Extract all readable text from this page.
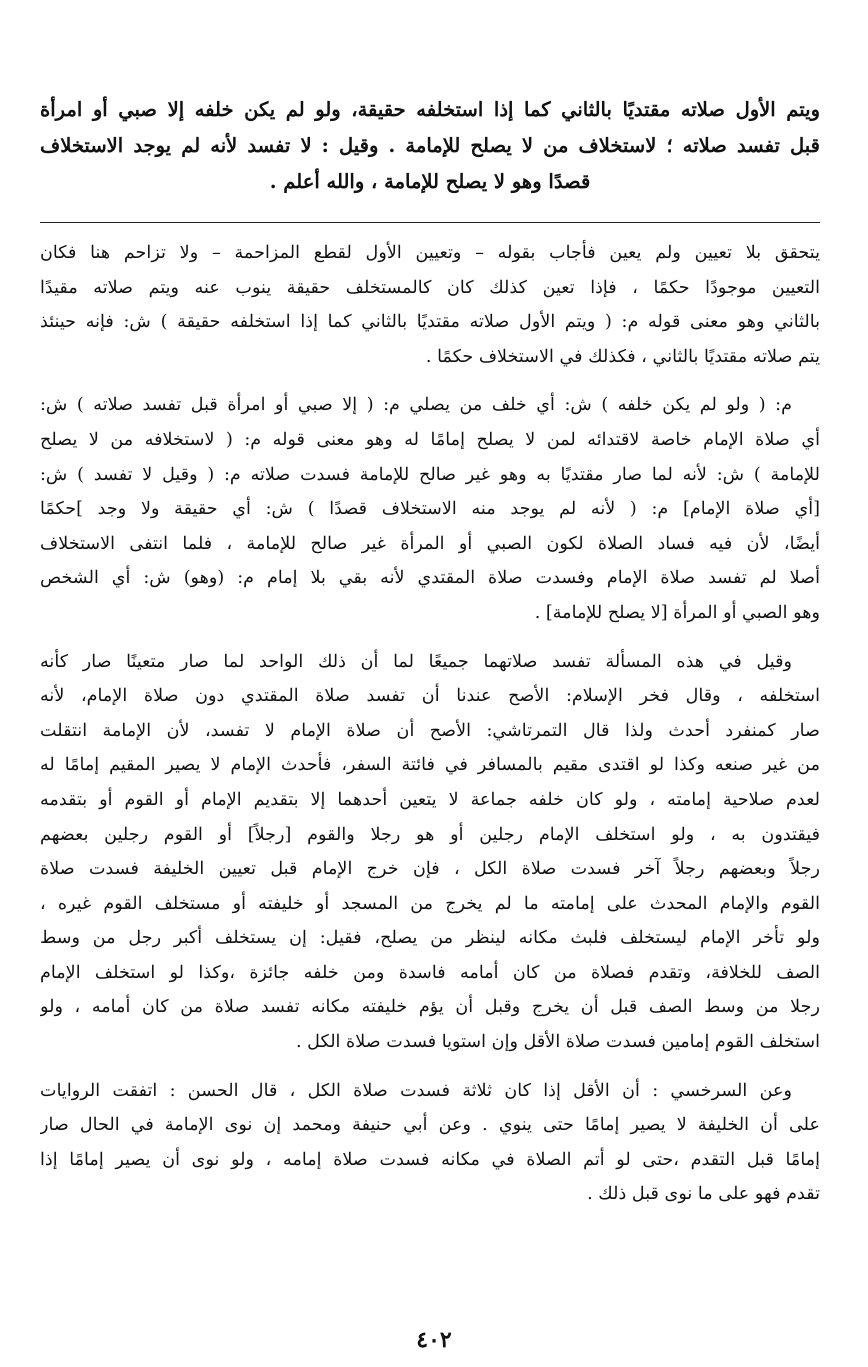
ويتم الأول صلاته مقتديًا بالثاني كما إذا استخلفه حقيقة، ولو لم يكن خلفه إلا صبي أو امرأة
قبل تفسد صلاته ؛ لاستخلاف من لا يصلح للإمامة . وقيل : لا تفسد لأنه لم يوجد الاستخلاف
قصدًا وهو لا يصلح للإمامة ، والله أعلم .
يتحقق بلا تعيين ولم يعين فأجاب بقوله – وتعيين الأول لقطع المزاحمة – ولا تزاحم هنا فكان
التعيين موجودًا حكمًا ، فإذا تعين كذلك كان كالمستخلف حقيقة ينوب عنه ويتم صلاته مقيدًا
بالثاني وهو معنى قوله م: ( ويتم الأول صلاته مقتديًا بالثاني كما إذا استخلفه حقيقة ) ش: فإنه حينئذ
يتم صلاته مقتديًا بالثاني ، فكذلك في الاستخلاف حكمًا .
م: ( ولو لم يكن خلفه ) ش: أي خلف من يصلي م: ( إلا صبي أو امرأة قبل تفسد صلاته ) ش:
أي صلاة الإمام خاصة لاقتدائه لمن لا يصلح إمامًا له وهو معنى قوله م: ( لاستخلافه من لا يصلح
للإمامة ) ش: لأنه لما صار مقتديًا به وهو غير صالح للإمامة فسدت صلاته م: ( وقيل لا تفسد ) ش:
[أي صلاة الإمام] م: ( لأنه لم يوجد منه الاستخلاف قصدًا ) ش: أي حقيقة ولا وجد ]حكمًا
أيضًا، لأن فيه فساد الصلاة لكون الصبي أو المرأة غير صالح للإمامة ، فلما انتفى الاستخلاف
أصلا لم تفسد صلاة الإمام وفسدت صلاة المقتدي لأنه بقي بلا إمام م: (وهو) ش: أي الشخص
وهو الصبي أو المرأة [لا يصلح للإمامة] .
وقيل في هذه المسألة تفسد صلاتهما جميعًا لما أن ذلك الواحد لما صار متعينًا صار كأنه
استخلفه ، وقال فخر الإسلام: الأصح عندنا أن تفسد صلاة المقتدي دون صلاة الإمام، لأنه
صار كمنفرد أحدث ولذا قال التمرتاشي: الأصح أن صلاة الإمام لا تفسد، لأن الإمامة انتقلت
من غير صنعه وكذا لو اقتدى مقيم بالمسافر في فائتة السفر، فأحدث الإمام لا يصير المقيم إمامًا له
لعدم صلاحية إمامته ، ولو كان خلفه جماعة لا يتعين أحدهما إلا بتقديم الإمام أو القوم أو بتقدمه
فيقتدون به ، ولو استخلف الإمام رجلين أو هو رجلا والقوم [رجلاً] أو القوم رجلين بعضهم
رجلاً وبعضهم رجلاً آخر فسدت صلاة الكل ، فإن خرج الإمام قبل تعيين الخليفة فسدت صلاة
القوم والإمام المحدث على إمامته ما لم يخرج من المسجد أو خليفته أو مستخلف القوم غيره ،
ولو تأخر الإمام ليستخلف فلبث مكانه لينظر من يصلح، فقيل: إن يستخلف أكبر رجل من وسط
الصف للخلافة، وتقدم فصلاة من كان أمامه فاسدة ومن خلفه جائزة ،وكذا لو استخلف الإمام
رجلا من وسط الصف قبل أن يخرج وقبل أن يؤم خليفته مكانه تفسد صلاة من كان أمامه ، ولو
استخلف القوم إمامين فسدت صلاة الأقل وإن استويا فسدت صلاة الكل .
وعن السرخسي : أن الأقل إذا كان ثلاثة فسدت صلاة الكل ، قال الحسن : اتفقت الروايات
على أن الخليفة لا يصير إمامًا حتى ينوي . وعن أبي حنيفة ومحمد إن نوى الإمامة في الحال صار
إمامًا قبل التقدم ،حتى لو أتم الصلاة في مكانه فسدت صلاة إمامه ، ولو نوى أن يصير إمامًا إذا
تقدم فهو على ما نوى قبل ذلك .
٤٠٢
